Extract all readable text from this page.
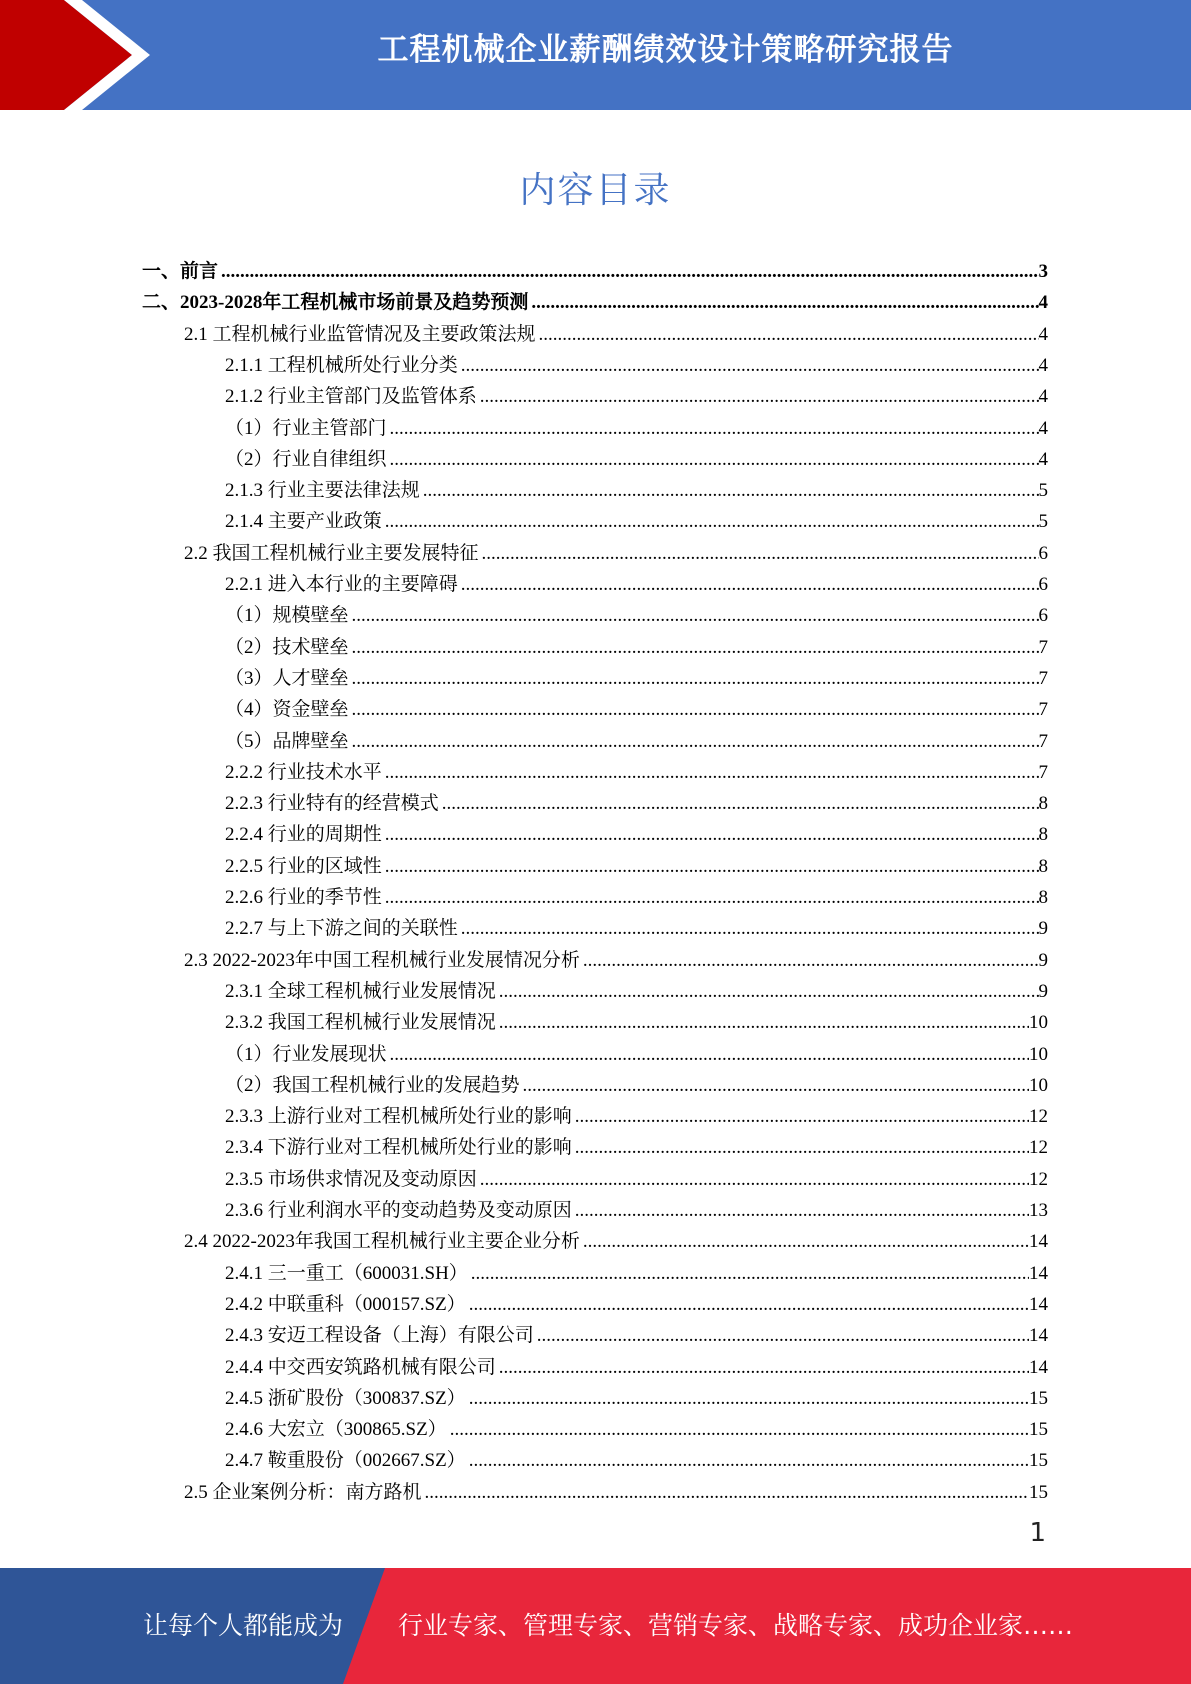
工程机械企业薪酬绩效设计策略研究报告
内容目录
一、前言 .....	3
二、2023-2028年工程机械市场前景及趋势预测 .....	4
2.1 工程机械行业监管情况及主要政策法规 .....	4
2.1.1 工程机械所处行业分类 .....	4
2.1.2 行业主管部门及监管体系 .....	4
（1）行业主管部门 .....	4
（2）行业自律组织 .....	4
2.1.3 行业主要法律法规 .....	5
2.1.4 主要产业政策 .....	5
2.2 我国工程机械行业主要发展特征 .....	6
2.2.1 进入本行业的主要障碍 .....	6
（1）规模壁垒 .....	6
（2）技术壁垒 .....	7
（3）人才壁垒 .....	7
（4）资金壁垒 .....	7
（5）品牌壁垒 .....	7
2.2.2 行业技术水平 .....	7
2.2.3 行业特有的经营模式 .....	8
2.2.4 行业的周期性 .....	8
2.2.5 行业的区域性 .....	8
2.2.6 行业的季节性 .....	8
2.2.7 与上下游之间的关联性 .....	9
2.3 2022-2023年中国工程机械行业发展情况分析 .....	9
2.3.1 全球工程机械行业发展情况 .....	9
2.3.2 我国工程机械行业发展情况 .....	10
（1）行业发展现状 .....	10
（2）我国工程机械行业的发展趋势 .....	10
2.3.3 上游行业对工程机械所处行业的影响 .....	12
2.3.4 下游行业对工程机械所处行业的影响 .....	12
2.3.5 市场供求情况及变动原因 .....	12
2.3.6 行业利润水平的变动趋势及变动原因 .....	13
2.4 2022-2023年我国工程机械行业主要企业分析 .....	14
2.4.1 三一重工（600031.SH） .....	14
2.4.2 中联重科（000157.SZ） .....	14
2.4.3 安迈工程设备（上海）有限公司 .....	14
2.4.4 中交西安筑路机械有限公司 .....	14
2.4.5 浙矿股份（300837.SZ） .....	15
2.4.6 大宏立（300865.SZ） .....	15
2.4.7 鞍重股份（002667.SZ） .....	15
2.5 企业案例分析：南方路机 .....	15
1
让每个人都能成为 行业专家、管理专家、营销专家、战略专家、成功企业家……
